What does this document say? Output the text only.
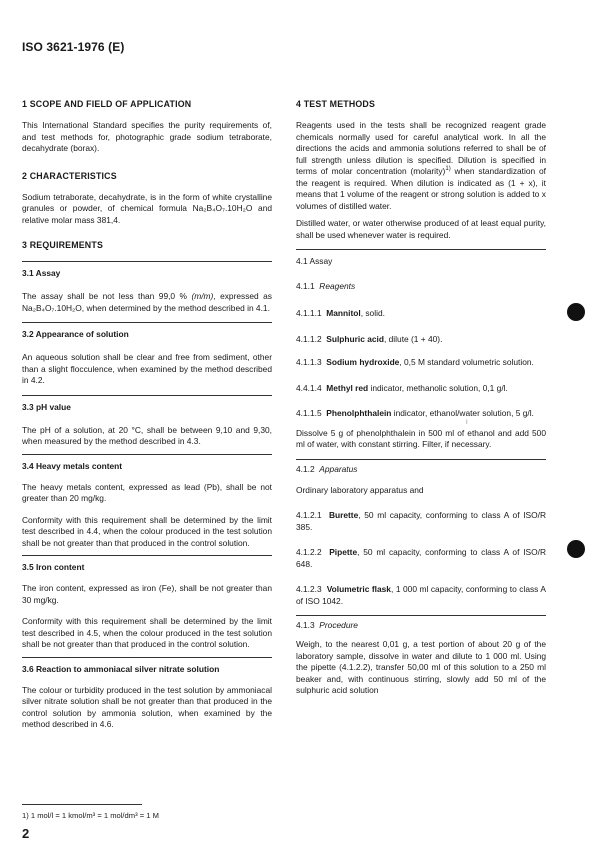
ISO 3621-1976 (E)
1 SCOPE AND FIELD OF APPLICATION

This International Standard specifies the purity requirements of, and test methods for, photographic grade sodium tetraborate, decahydrate (borax).

2 CHARACTERISTICS

Sodium tetraborate, decahydrate, is in the form of white crystalline granules or powder, of chemical formula Na₂B₄O₇.10H₂O and relative molar mass 381,4.

3 REQUIREMENTS
3.1 Assay

The assay shall be not less than 99,0 % (m/m), expressed as Na₂B₄O₇.10H₂O, when determined by the method described in 4.1.

3.2 Appearance of solution

An aqueous solution shall be clear and free from sediment, other than a slight flocculence, when examined by the method described in 4.2.

3.3 pH value

The pH of a solution, at 20 °C, shall be between 9,10 and 9,30, when measured by the method described in 4.3.

3.4 Heavy metals content

The heavy metals content, expressed as lead (Pb), shall be not greater than 20 mg/kg.

Conformity with this requirement shall be determined by the limit test described in 4.4, when the colour produced in the test solution shall be not greater than that produced in the control solution.

3.5 Iron content

The iron content, expressed as iron (Fe), shall be not greater than 30 mg/kg.

Conformity with this requirement shall be determined by the limit test described in 4.5, when the colour produced in the test solution shall be not greater than that produced in the control solution.

3.6 Reaction to ammoniacal silver nitrate solution

The colour or turbidity produced in the test solution by ammoniacal silver nitrate solution shall be not greater than that produced in the control solution by ammonia solution, when examined by the method described in 4.6.

4 TEST METHODS

Reagents used in the tests shall be recognized reagent grade chemicals normally used for careful analytical work. In all the directions the acids and ammonia solutions referred to shall be of full strength unless dilution is specified. Dilution is specified in terms of molar concentration (molarity)$^{1)}$ when standardization of the reagent is required. When dilution is indicated as (1 + x), it means that 1 volume of the reagent or strong solution is added to x volumes of distilled water.

Distilled water, or water otherwise produced of at least equal purity, shall be used whenever water is required.

4.1 Assay
4.1.1 Reagents

4.1.1.1 Mannitol, solid.

4.1.1.2 Sulphuric acid, dilute (1 + 40).

4.1.1.3 Sodium hydroxide, 0,5 M standard volumetric solution.

4.4.1.4 Methyl red indicator, methanolic solution, 0,1 g/l.

4.1.1.5 Phenolphthalein indicator, ethanol/water solution, 5 g/l.

Dissolve 5 g of phenolphthalein in 500 ml of ethanol and add 500 ml of water, with constant stirring. Filter, if necessary.

4.1.2 Apparatus

Ordinary laboratory apparatus and

4.1.2.1 Burette, 50 ml capacity, conforming to class A of ISO/R 385.

4.1.2.2 Pipette, 50 ml capacity, conforming to class A of ISO/R 648.

4.1.2.3 Volumetric flask, 1 000 ml capacity, conforming to class A of ISO 1042.

4.1.3 Procedure

Weigh, to the nearest 0,01 g, a test portion of about 20 g of the laboratory sample, dissolve in water and dilute to 1 000 ml. Using the pipette (4.1.2.2), transfer 50,00 ml of this solution to a 250 ml beaker and, with continuous stirring, slowly add 50 ml of the sulphuric acid solution

I
1) 1 mol/l = 1 kmol/m³ = 1 mol/dm³ = 1 M
2
